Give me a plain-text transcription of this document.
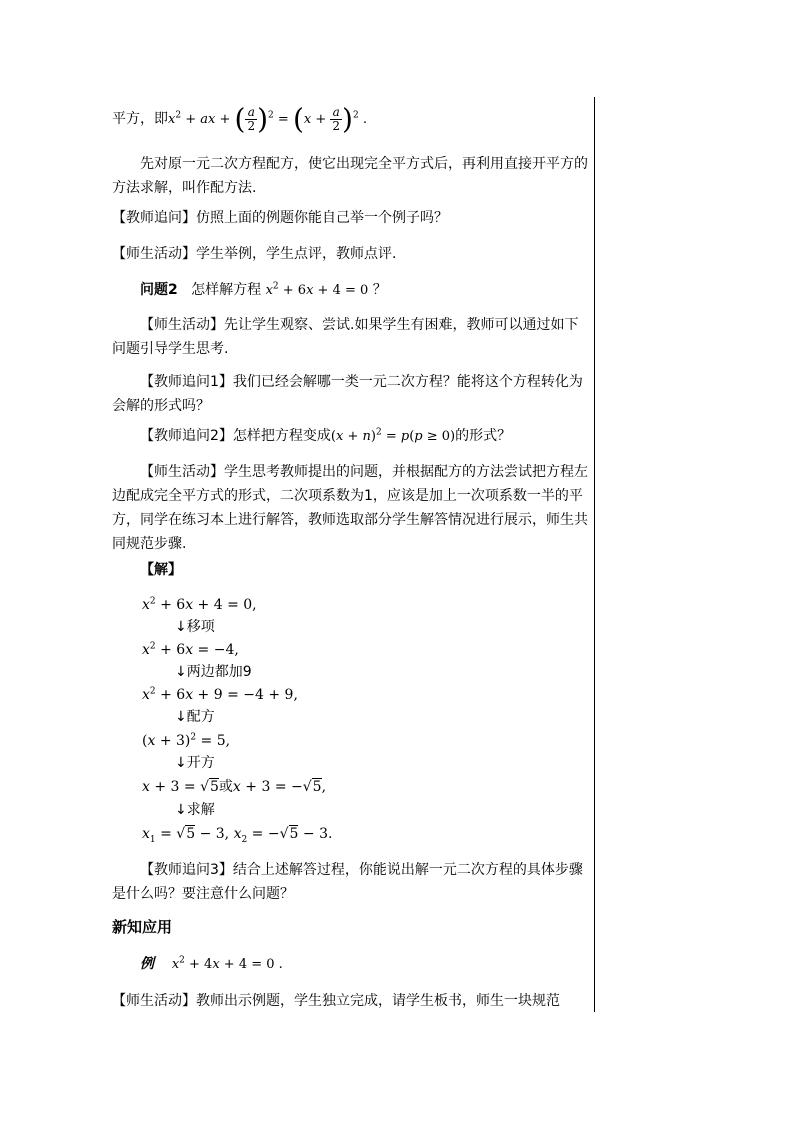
平方，即$x^2$ + ax + ( $\frac{a}{2} )^2 = (x + \frac{a}{2} )^2$ .
先对原一元二次方程配方，使它出现完全平方式后，再利用直接开平方的方法求解，叫作配方法.
【教师追问】仿照上面的例题你能自己举一个例子吗？
【师生活动】学生举例，学生点评，教师点评.
问题2 怎样解方程 $x^2 + 6x + 4 = 0$ ？
【师生活动】先让学生观察、尝试.如果学生有困难，教师可以通过如下问题引导学生思考.
【教师追问1】我们已经会解哪一类一元二次方程？能将这个方程转化为会解的形式吗？
【教师追问2】怎样把方程变成$(x + n)^2 = p(p \ge 0)$的形式？
【师生活动】学生思考教师提出的问题，并根据配方的方法尝试把方程左边配成完全平方式的形式，二次项系数为1，应该是加上一次项系数一半的平方，同学在练习本上进行解答，教师选取部分学生解答情况进行展示，师生共同规范步骤.
【解】
$x^2 + 6x + 4 = 0$,
↓移项
$x^2 + 6x = -4$,
↓两边都加9
$x^2 + 6x + 9 = -4 + 9$,
↓配方
$(x + 3)^2 = 5$,
↓开方
x + 3 = √5或x + 3 = −√5,
↓求解
$x_1 = √5 - 3$, $x_2 = -√5 - 3$.
【教师追问3】结合上述解答过程，你能说出解一元二次方程的具体步骤是什么吗？要注意什么问题？
新知应用
例 $x^2 + 4x + 4 = 0$ .
【师生活动】教师出示例题，学生独立完成，请学生板书，师生一块规范
